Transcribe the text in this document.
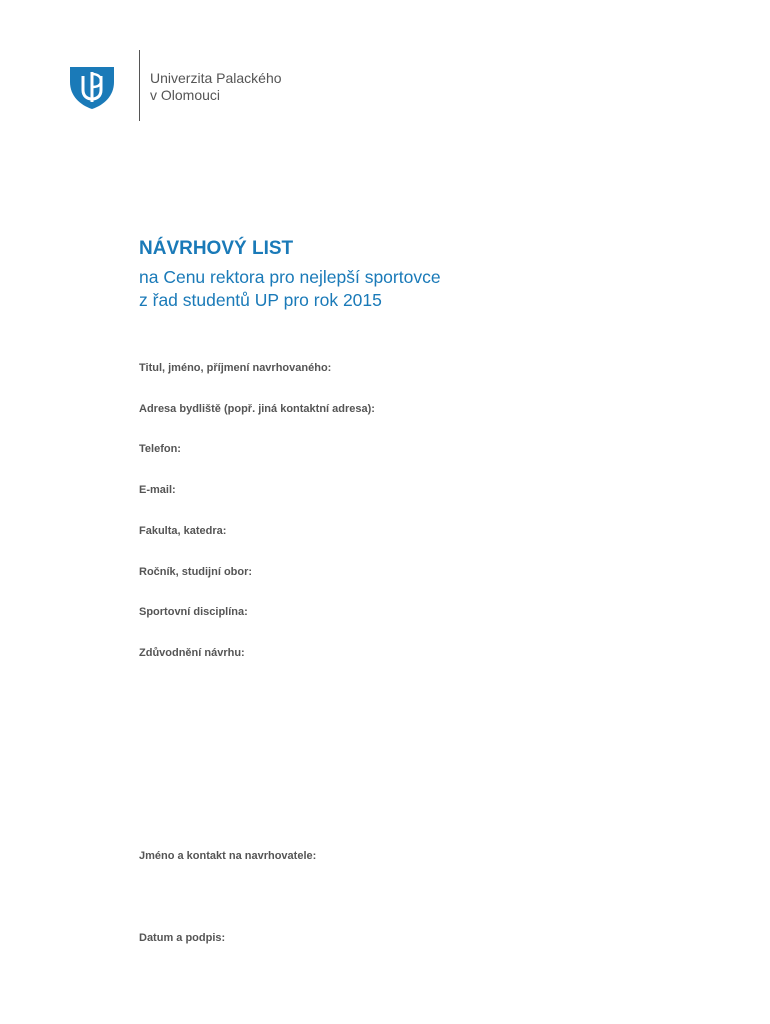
Univerzita Palackého
v Olomouci
NÁVRHOVÝ LIST
na Cenu rektora pro nejlepší sportovce
z řad studentů UP pro rok 2015
Titul, jméno, příjmení navrhovaného:
Adresa bydliště (popř. jiná kontaktní adresa):
Telefon:
E-mail:
Fakulta, katedra:
Ročník, studijní obor:
Sportovní disciplína:
Zdůvodnění návrhu:
Jméno a kontakt na navrhovatele:
Datum a podpis:
